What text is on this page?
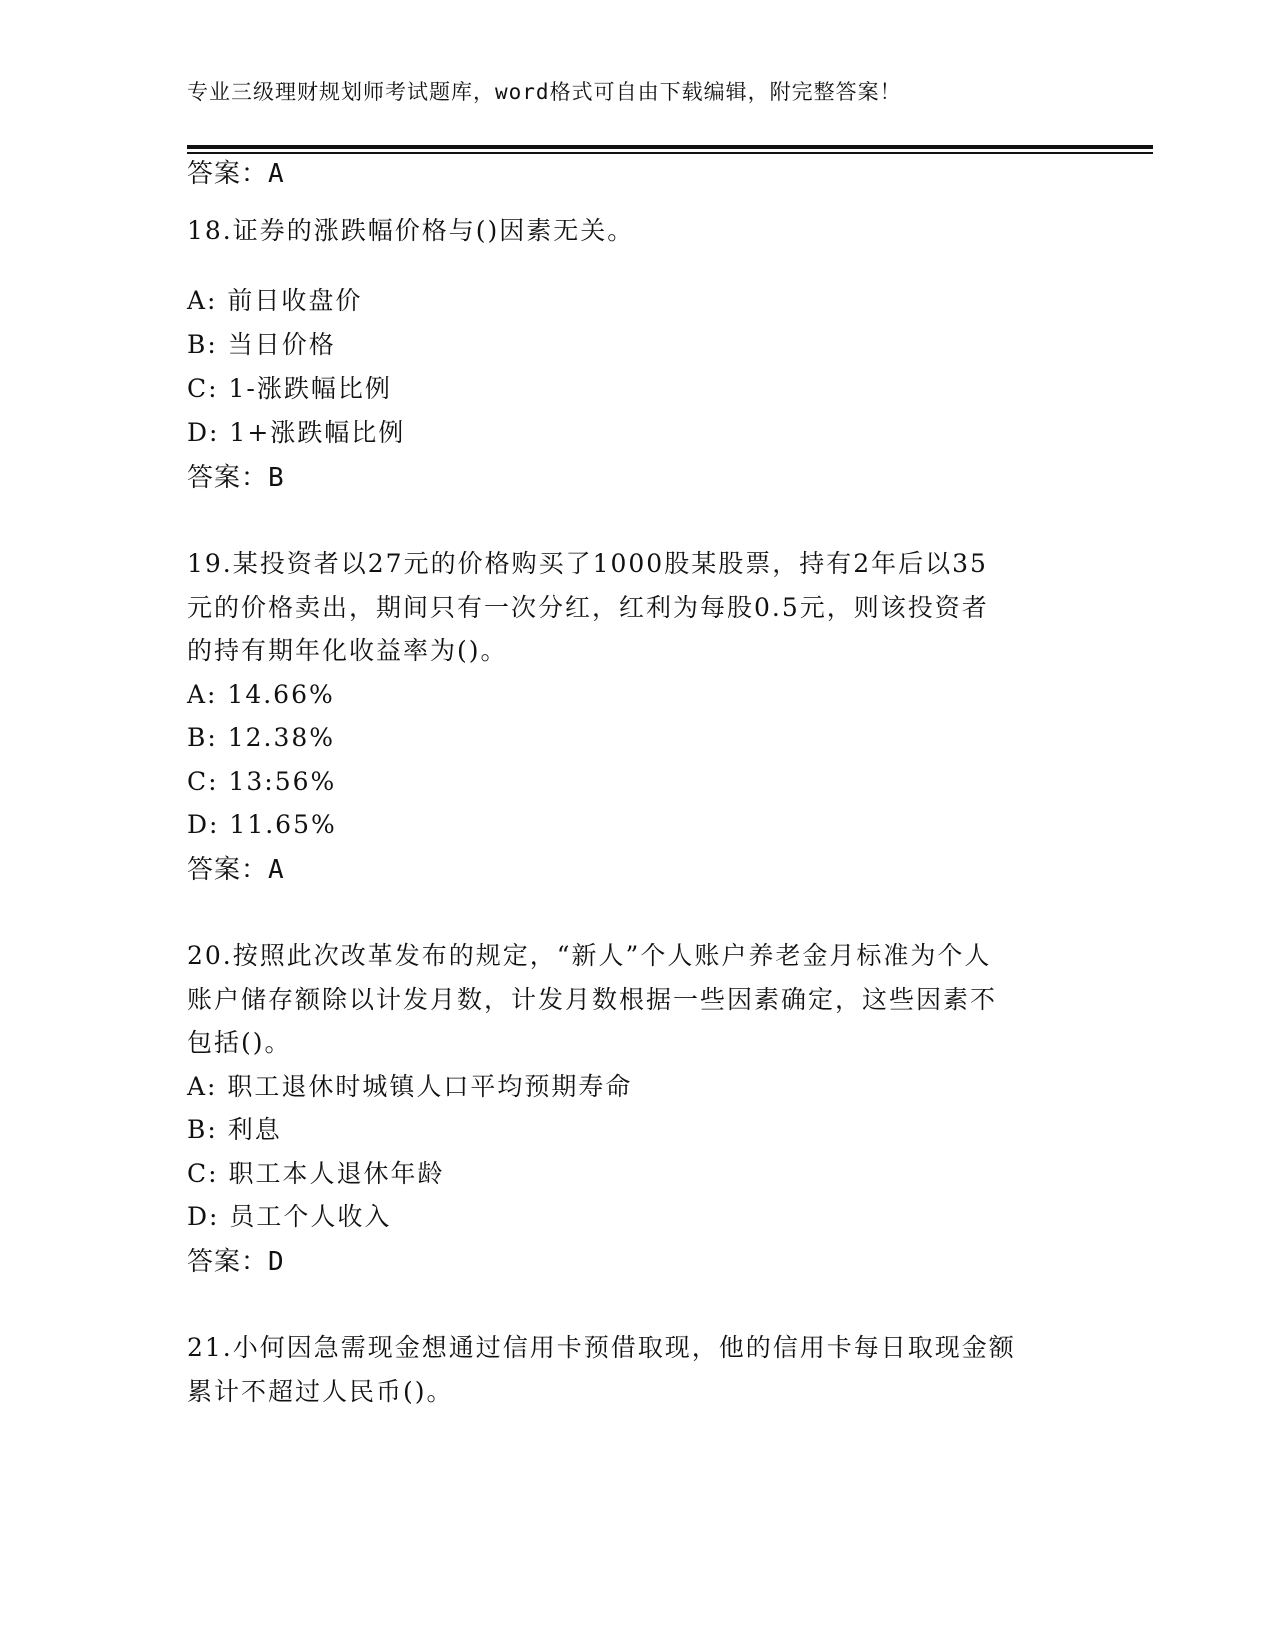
专业三级理财规划师考试题库，word格式可自由下载编辑，附完整答案！
答案：A
18.证券的涨跌幅价格与()因素无关。
A: 前日收盘价
B: 当日价格
C: 1-涨跌幅比例
D: 1+涨跌幅比例
答案：B
19.某投资者以27元的价格购买了1000股某股票，持有2年后以35
元的价格卖出，期间只有一次分红，红利为每股0.5元，则该投资者
的持有期年化收益率为()。
A: 14.66%
B: 12.38%
C: 13:56%
D: 11.65%
答案：A
20.按照此次改革发布的规定，“新人”个人账户养老金月标准为个人
账户储存额除以计发月数，计发月数根据一些因素确定，这些因素不
包括()。
A: 职工退休时城镇人口平均预期寿命
B: 利息
C: 职工本人退休年龄
D: 员工个人收入
答案：D
21.小何因急需现金想通过信用卡预借取现，他的信用卡每日取现金额
累计不超过人民币()。
